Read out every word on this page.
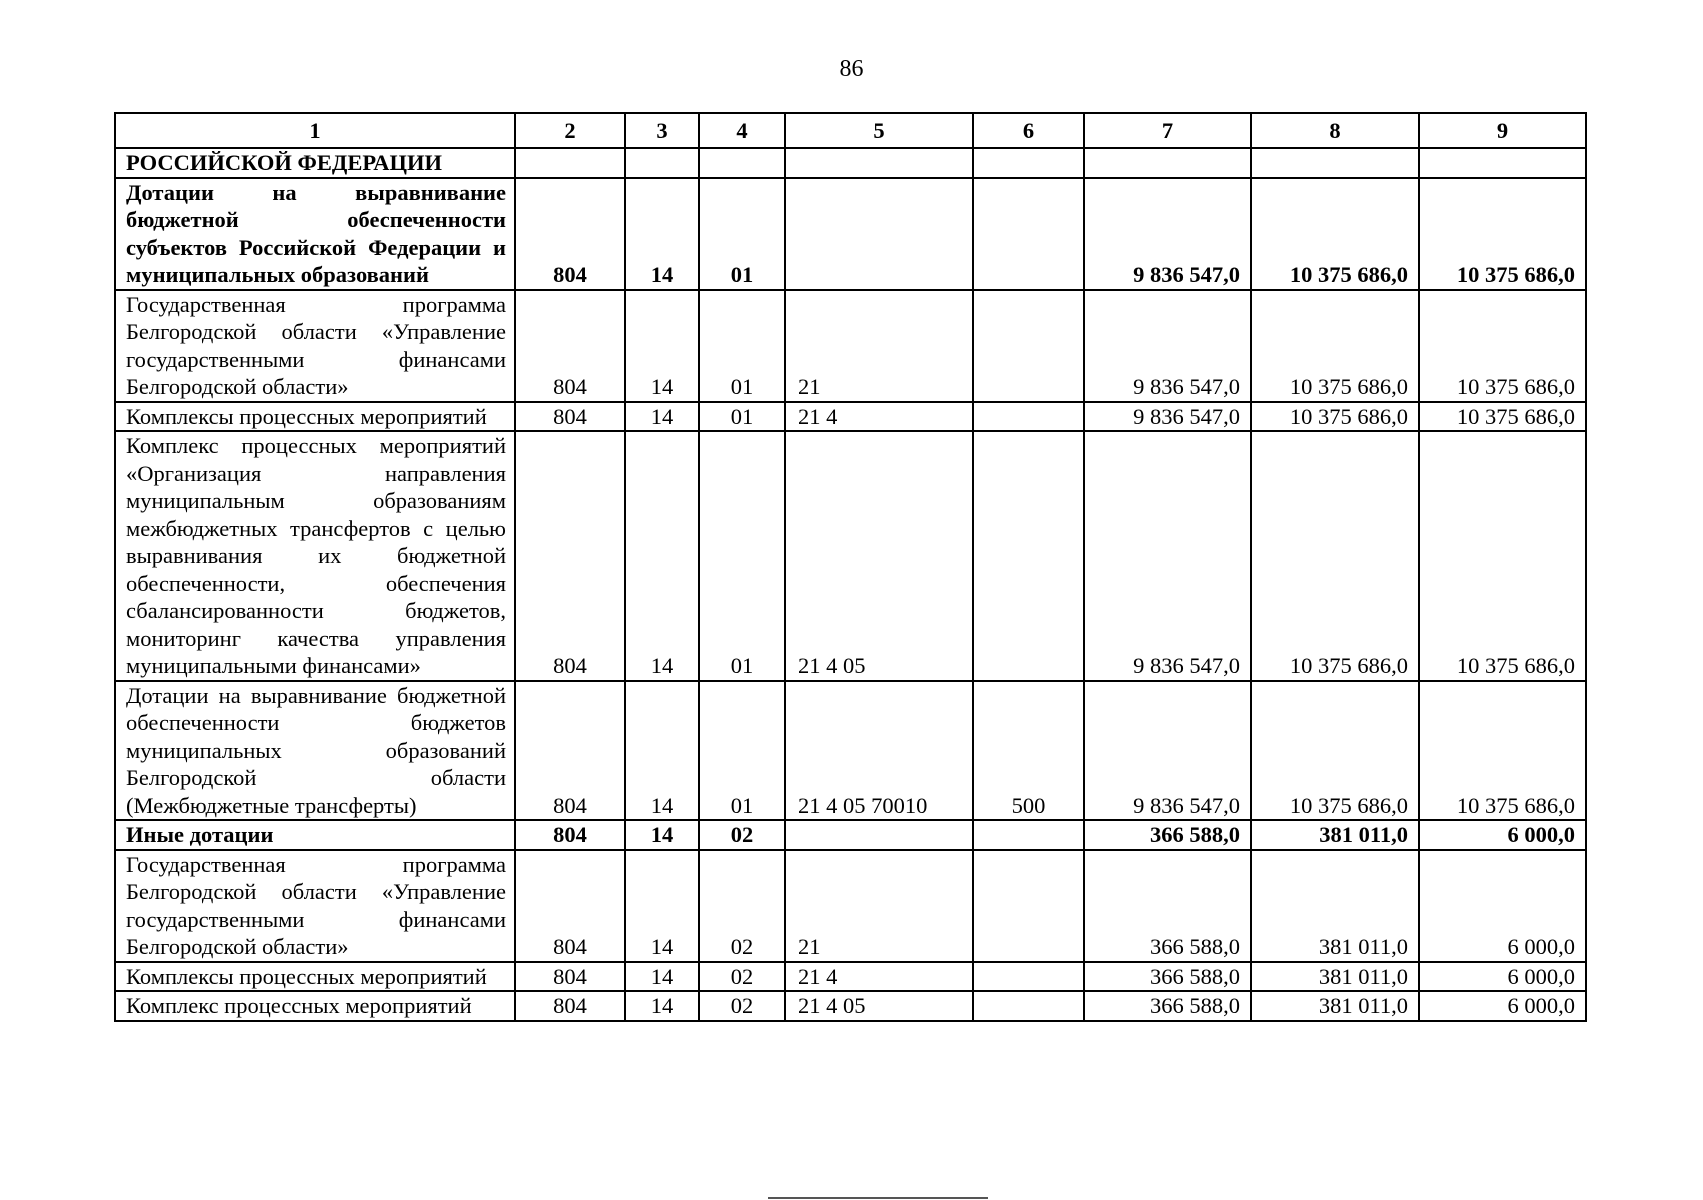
86
1	2	3	4	5	6	7	8	9
РОССИЙСКОЙ ФЕДЕРАЦИИ								
Дотации на выравнивание бюджетной обеспеченности субъектов Российской Федерации и муниципальных образований	804	14	01			9 836 547,0	10 375 686,0	10 375 686,0
Государственная программа Белгородской области «Управление государственными финансами Белгородской области»	804	14	01	21		9 836 547,0	10 375 686,0	10 375 686,0
Комплексы процессных мероприятий	804	14	01	21 4		9 836 547,0	10 375 686,0	10 375 686,0
Комплекс процессных мероприятий «Организация направления муниципальным образованиям межбюджетных трансфертов с целью выравнивания их бюджетной обеспеченности, обеспечения сбалансированности бюджетов, мониторинг качества управления муниципальными финансами»	804	14	01	21 4 05		9 836 547,0	10 375 686,0	10 375 686,0
Дотации на выравнивание бюджетной обеспеченности бюджетов муниципальных образований Белгородской области (Межбюджетные трансферты)	804	14	01	21 4 05 70010	500	9 836 547,0	10 375 686,0	10 375 686,0
Иные дотации	804	14	02			366 588,0	381 011,0	6 000,0
Государственная программа Белгородской области «Управление государственными финансами Белгородской области»	804	14	02	21		366 588,0	381 011,0	6 000,0
Комплексы процессных мероприятий	804	14	02	21 4		366 588,0	381 011,0	6 000,0
Комплекс процессных мероприятий	804	14	02	21 4 05		366 588,0	381 011,0	6 000,0
